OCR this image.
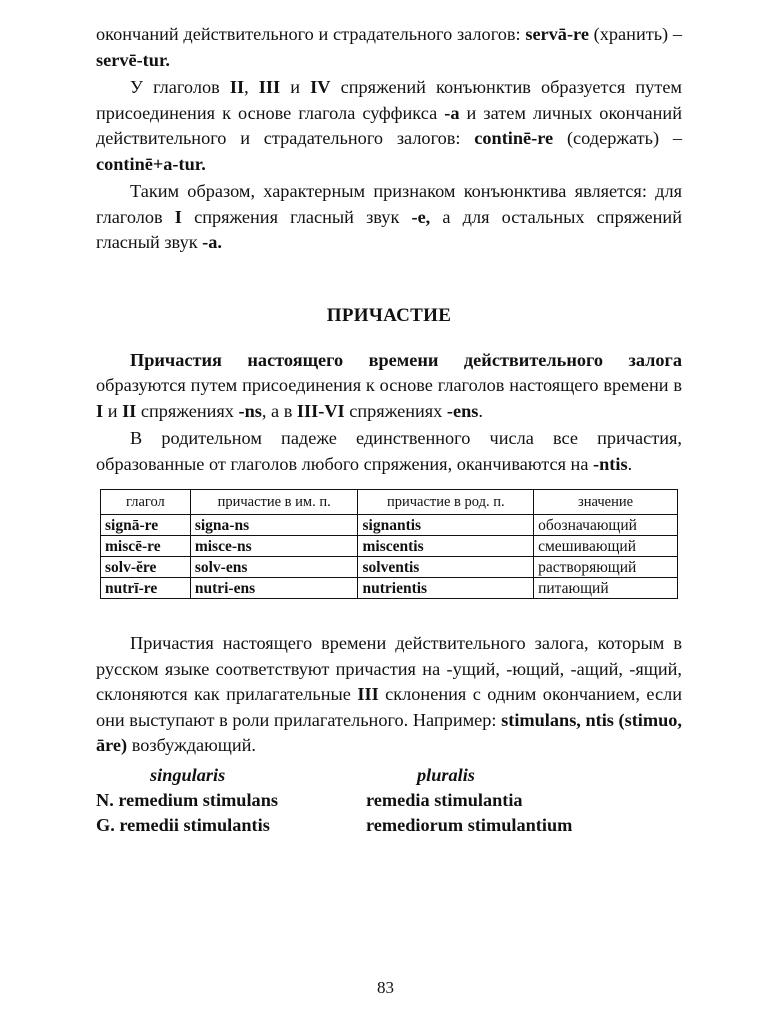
окончаний действительного и страдательного залогов: servā-re (хранить) – servē-tur.

У глаголов II, III и IV спряжений конъюнктив образуется путем присоединения к основе глагола суффикса -a и затем личных окончаний действительного и страдательного залогов: continē-re (содержать) – continē+a-tur.

Таким образом, характерным признаком конъюнктива является: для глаголов I спряжения гласный звук -e, а для остальных спряжений гласный звук -a.

ПРИЧАСТИЕ

Причастия настоящего времени действительного залога образуются путем присоединения к основе глаголов настоящего времени в I и II спряжениях -ns, а в III-VI спряжениях -ens.

В родительном падеже единственного числа все причастия, образованные от глаголов любого спряжения, оканчиваются на -ntis.

глагол	причастие в им. п.	причастие в род. п.	значение
signā-re	signa-ns	signantis	обозначающий
miscē-re	misce-ns	miscentis	смешивающий
solv-ĕre	solv-ens	solventis	растворяющий
nutrī-re	nutri-ens	nutrientis	питающий

Причастия настоящего времени действительного залога, которым в русском языке соответствуют причастия на -ущий, -ющий, -ащий, -ящий, склоняются как прилагательные III склонения с одним окончанием, если они выступают в роли прилагательного. Например: stimulans, ntis (stimuo, āre) возбуждающий.

singularis	pluralis
N. remedium stimulans	remedia stimulantia
G. remedii stimulantis	remediorum stimulantium
83
